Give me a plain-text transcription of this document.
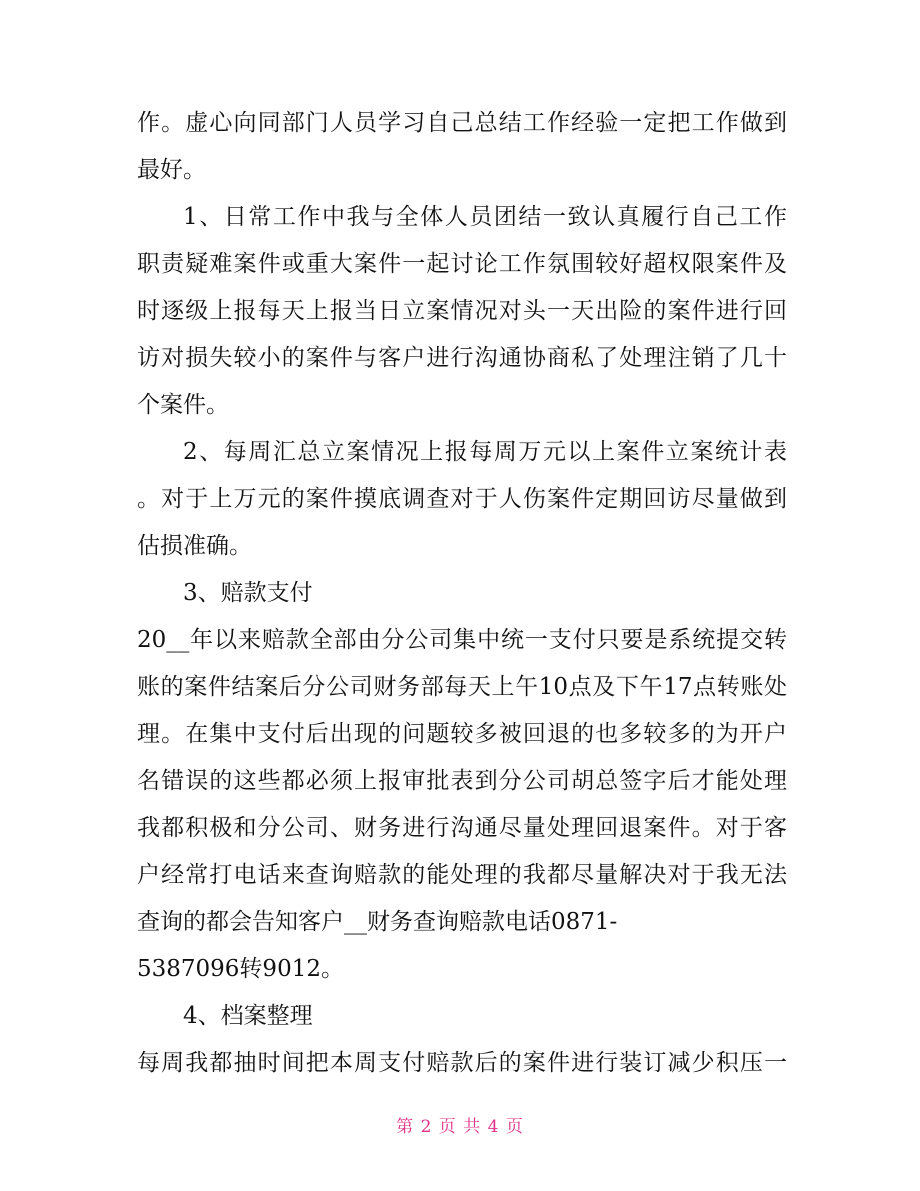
作。虚心向同部门人员学习自己总结工作经验一定把工作做到
最好。
1、日常工作中我与全体人员团结一致认真履行自己工作
职责疑难案件或重大案件一起讨论工作氛围较好超权限案件及
时逐级上报每天上报当日立案情况对头一天出险的案件进行回
访对损失较小的案件与客户进行沟通协商私了处理注销了几十
个案件。
2、每周汇总立案情况上报每周万元以上案件立案统计表
。对于上万元的案件摸底调查对于人伤案件定期回访尽量做到
估损准确。
3、赔款支付
20__年以来赔款全部由分公司集中统一支付只要是系统提交转
账的案件结案后分公司财务部每天上午10点及下午17点转账处
理。在集中支付后出现的问题较多被回退的也多较多的为开户
名错误的这些都必须上报审批表到分公司胡总签字后才能处理
我都积极和分公司、财务进行沟通尽量处理回退案件。对于客
户经常打电话来查询赔款的能处理的我都尽量解决对于我无法
查询的都会告知客户__财务查询赔款电话0871-
5387096转9012。
4、档案整理
每周我都抽时间把本周支付赔款后的案件进行装订减少积压一
第 2 页 共 4 页
